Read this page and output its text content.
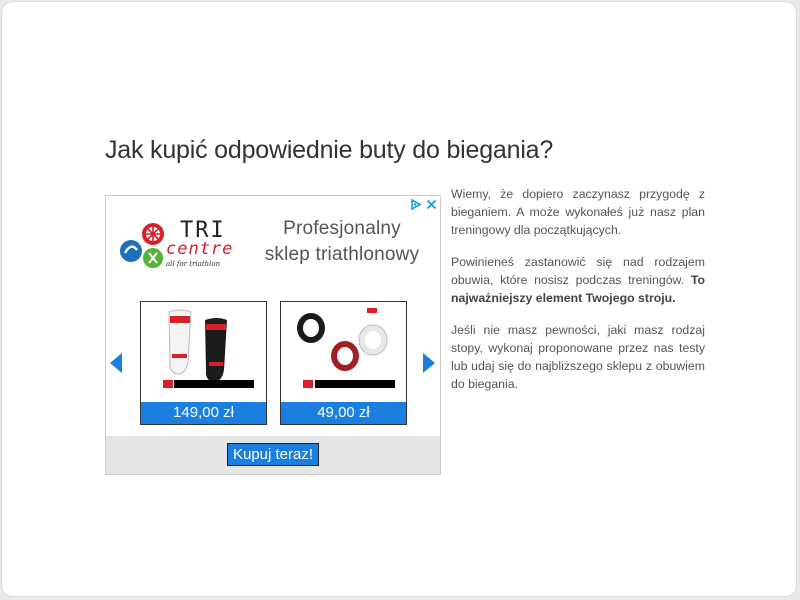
Jak kupić odpowiednie buty do biegania?
TRI
centre
all for triathlon
Profesjonalny
sklep triathlonowy
149,00 zł	49,00 zł
Kupuj teraz!

Wiemy, że dopiero zaczynasz przygodę z bieganiem. A może wykonałeś już nasz plan treningowy dla początkujących.

Powinieneś zastanowić się nad rodzajem obuwia, które nosisz podczas treningów. To najważniejszy element Twojego stroju.

Jeśli nie masz pewności, jaki masz rodzaj stopy, wykonaj proponowane przez nas testy lub udaj się do najbliższego sklepu z obuwiem do biegania.
